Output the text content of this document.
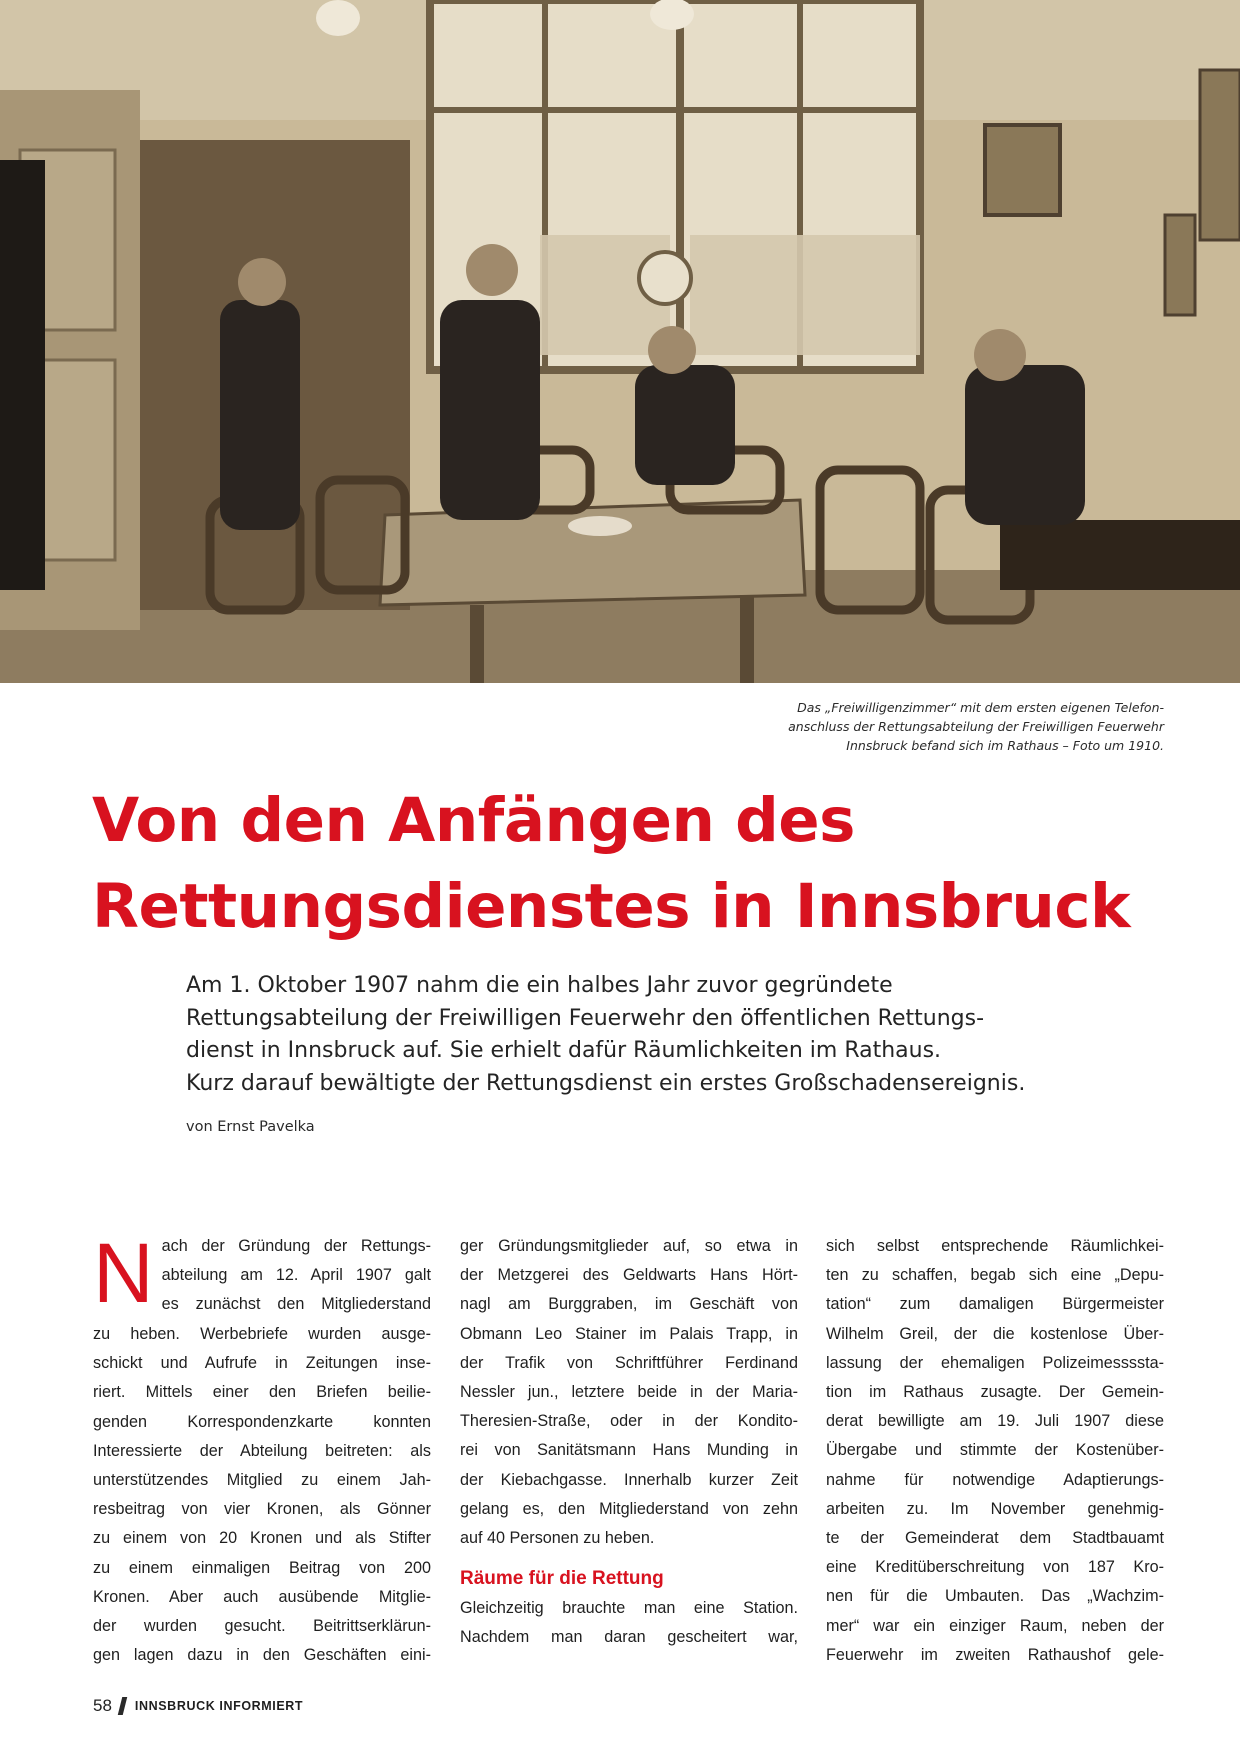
Das „Freiwilligenzimmer“ mit dem ersten eigenen Telefon-
anschluss der Rettungsabteilung der Freiwilligen Feuerwehr
Innsbruck befand sich im Rathaus – Foto um 1910.
Von den Anfängen des
Rettungsdienstes in Innsbruck
Am 1. Oktober 1907 nahm die ein halbes Jahr zuvor gegründete
Rettungsabteilung der Freiwilligen Feuerwehr den öffentlichen Rettungs-
dienst in Innsbruck auf. Sie erhielt dafür Räumlichkeiten im Rathaus.
Kurz darauf bewältigte der Rettungsdienst ein erstes Großschadensereignis.
von Ernst Pavelka
N ach der Gründung der Rettungs-
abteilung am 12. April 1907 galt
es zunächst den Mitgliederstand
zu heben. Werbebriefe wurden ausge-
schickt und Aufrufe in Zeitungen inse-
riert. Mittels einer den Briefen beilie-
genden Korrespondenzkarte konnten
Interessierte der Abteilung beitreten: als
unterstützendes Mitglied zu einem Jah-
resbeitrag von vier Kronen, als Gönner
zu einem von 20 Kronen und als Stifter
zu einem einmaligen Beitrag von 200
Kronen. Aber auch ausübende Mitglie-
der wurden gesucht. Beitrittserklärun-
gen lagen dazu in den Geschäften eini-
ger Gründungsmitglieder auf, so etwa in
der Metzgerei des Geldwarts Hans Hört-
nagl am Burggraben, im Geschäft von
Obmann Leo Stainer im Palais Trapp, in
der Trafik von Schriftführer Ferdinand
Nessler jun., letztere beide in der Maria-
Theresien-Straße, oder in der Kondito-
rei von Sanitätsmann Hans Munding in
der Kiebachgasse. Innerhalb kurzer Zeit
gelang es, den Mitgliederstand von zehn
auf 40 Personen zu heben.
Räume für die Rettung
Gleichzeitig brauchte man eine Station.
Nachdem man daran gescheitert war,
sich selbst entsprechende Räumlichkei-
ten zu schaffen, begab sich eine „Depu-
tation“ zum damaligen Bürgermeister
Wilhelm Greil, der die kostenlose Über-
lassung der ehemaligen Polizeimessssta-
tion im Rathaus zusagte. Der Gemein-
derat bewilligte am 19. Juli 1907 diese
Übergabe und stimmte der Kostenüber-
nahme für notwendige Adaptierungs-
arbeiten zu. Im November genehmig-
te der Gemeinderat dem Stadtbauamt
eine Kreditüberschreitung von 187 Kro-
nen für die Umbauten. Das „Wachzim-
mer“ war ein einziger Raum, neben der
Feuerwehr im zweiten Rathaushof gele-
58 INNSBRUCK INFORMIERT
